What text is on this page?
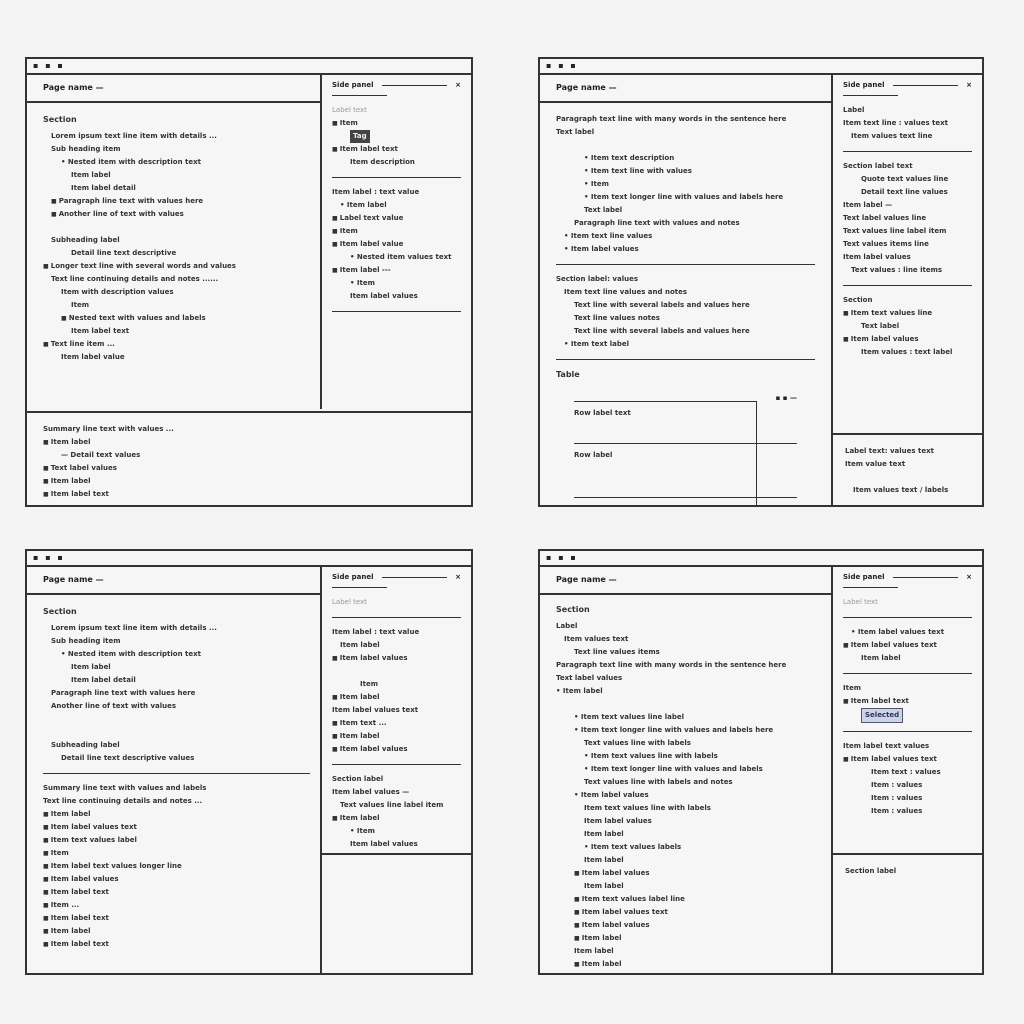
▪ ▪ ▪
Page name —
Section
Lorem ipsum text line item with details ...
Sub heading item
• Nested item with description text
Item label
Item label detail
■ Paragraph line text with values here
■ Another line of text with values
Subheading label
Detail line text descriptive
■ Longer text line with several words and values
Text line continuing details and notes ......
Item with description values
Item
■ Nested text with values and labels
Item label text
■ Text line item ...
Item label value
Summary line text with values ...
■ Item label
— Detail text values
■ Text label values
■ Item label
■ Item label text
Side panel	×
Label text
■ Item
Tag
■ Item label text
Item description
Item label : text value
• Item label
■ Label text value
■ Item
■ Item label value
• Nested item values text
■ Item label ---
• Item
Item label values
▪ ▪ ▪
Page name —
Paragraph text line with many words in the sentence here
Text label
• Item text description
• Item text line with values
• Item
• Item text longer line with values and labels here
Text label
Paragraph line text with values and notes
• Item text line values
• Item label values
Section label: values
Item text line values and notes
Text line with several labels and values here
Text line values notes
Text line with several labels and values here
• Item text label
Table
▪ ▪ —
Row label text
Row label
Side panel	×
Label
Item text line : values text
Item values text line
Section label text
Quote text values line
Detail text line values
Item label —
Text label values line
Text values line label item
Text values items line
Item label values
Text values : line items
Section
■ Item text values line
Text label
■ Item label values
Item values : text label
Label text: values text
Item value text
Item values text / labels
▪ ▪ ▪
Page name —
Section
Lorem ipsum text line item with details ...
Sub heading item
• Nested item with description text
Item label
Item label detail
Paragraph line text with values here
Another line of text with values
Subheading label
Detail line text descriptive values
Summary line text with values and labels
Text line continuing details and notes ...
■ Item label
■ Item label values text
■ Item text values label
■ Item
■ Item label text values longer line
■ Item label values
■ Item label text
■ Item ...
■ Item label text
■ Item label
■ Item label text
Side panel	×
Label text
Item label : text value
Item label
■ Item label values
Item
■ Item label
Item label values text
■ Item text ...
■ Item label
■ Item label values
Section label
Item label values —
Text values line label item
■ Item label
• Item
Item label values
▪ ▪ ▪
Page name —
Section
Label
Item values text
Text line values items
Paragraph text line with many words in the sentence here
Text label values
• Item label
• Item text values line label
• Item text longer line with values and labels here
Text values line with labels
• Item text values line with labels
• Item text longer line with values and labels
Text values line with labels and notes
• Item label values
Item text values line with labels
Item label values
Item label
• Item text values labels
Item label
■ Item label values
Item label
■ Item text values label line
■ Item label values text
■ Item label values
■ Item label
Item label
■ Item label
Side panel	×
Label text
• Item label values text
■ Item label values text
Item label
Item
■ Item label text
Selected
Item label text values
■ Item label values text
Item text : values
Item : values
Item : values
Item : values
Section label
